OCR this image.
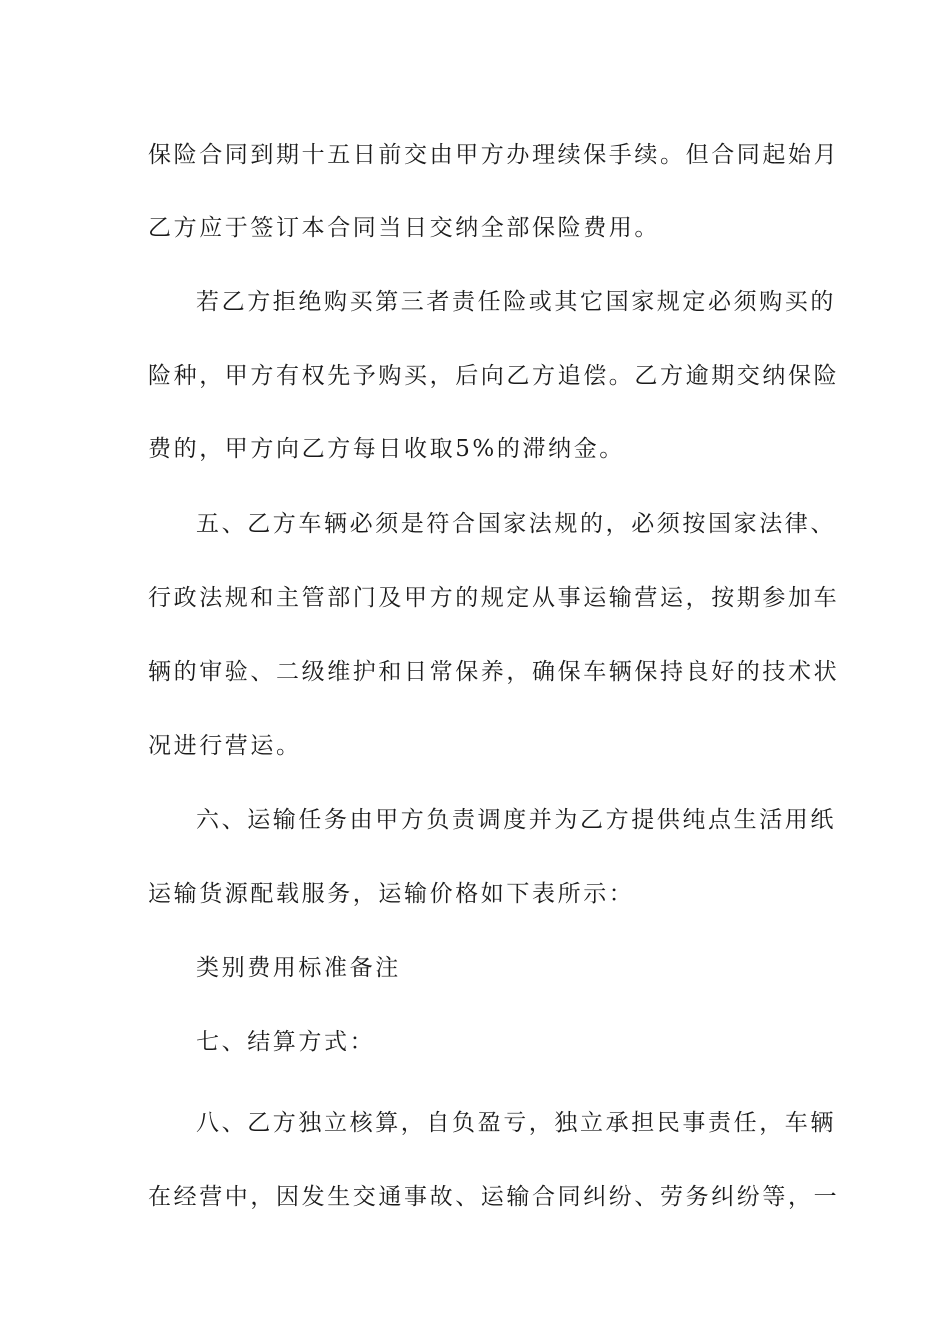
保险合同到期十五日前交由甲方办理续保手续。但合同起始月
乙方应于签订本合同当日交纳全部保险费用。
若乙方拒绝购买第三者责任险或其它国家规定必须购买的
险种，甲方有权先予购买，后向乙方追偿。乙方逾期交纳保险
费的，甲方向乙方每日收取5%的滞纳金。
五、乙方车辆必须是符合国家法规的，必须按国家法律、
行政法规和主管部门及甲方的规定从事运输营运，按期参加车
辆的审验、二级维护和日常保养，确保车辆保持良好的技术状
况进行营运。
六、运输任务由甲方负责调度并为乙方提供纯点生活用纸
运输货源配载服务，运输价格如下表所示：
类别费用标准备注
七、结算方式：
八、乙方独立核算，自负盈亏，独立承担民事责任，车辆
在经营中，因发生交通事故、运输合同纠纷、劳务纠纷等，一
